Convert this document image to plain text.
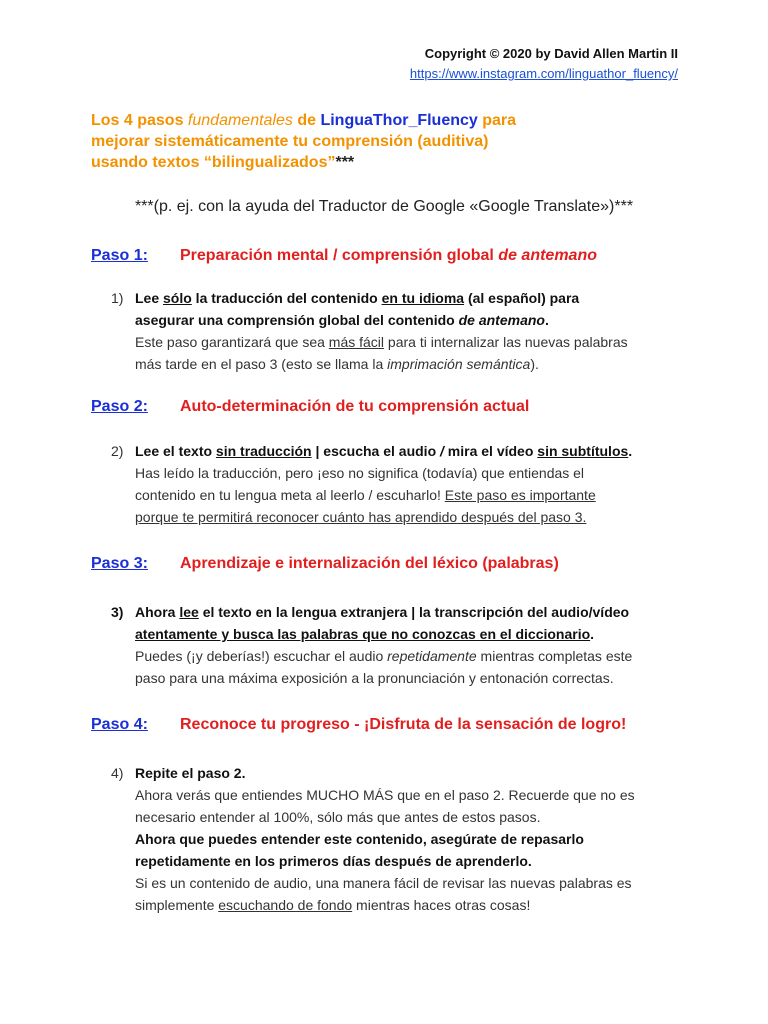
Copyright © 2020 by David Allen Martin II
https://www.instagram.com/linguathor_fluency/
Los 4 pasos fundamentales de LinguaThor_Fluency para
mejorar sistemáticamente tu comprensión (auditiva)
usando textos “bilingualizados”***
***(p. ej. con la ayuda del Traductor de Google «Google Translate»)***
Paso 1: Preparación mental / comprensión global de antemano
1) Lee sólo la traducción del contenido en tu idioma (al español) para
asegurar una comprensión global del contenido de antemano.
Este paso garantizará que sea más fácil para ti internalizar las nuevas palabras
más tarde en el paso 3 (esto se llama la imprimación semántica).
Paso 2: Auto-determinación de tu comprensión actual
2) Lee el texto sin traducción | escucha el audio / mira el vídeo sin subtítulos.
Has leído la traducción, pero ¡eso no significa (todavía) que entiendas el
contenido en tu lengua meta al leerlo / escuharlo! Este paso es importante
porque te permitirá reconocer cuánto has aprendido después del paso 3.
Paso 3: Aprendizaje e internalización del léxico (palabras)
3) Ahora lee el texto en la lengua extranjera | la transcripción del audio/vídeo
atentamente y busca las palabras que no conozcas en el diccionario.
Puedes (¡y deberías!) escuchar el audio repetidamente mientras completas este
paso para una máxima exposición a la pronunciación y entonación correctas.
Paso 4: Reconoce tu progreso - ¡Disfruta de la sensación de logro!
4) Repite el paso 2.
Ahora verás que entiendes MUCHO MÁS que en el paso 2. Recuerde que no es
necesario entender al 100%, sólo más que antes de estos pasos.
Ahora que puedes entender este contenido, asegúrate de repasarlo
repetidamente en los primeros días después de aprenderlo.
Si es un contenido de audio, una manera fácil de revisar las nuevas palabras es
simplemente escuchando de fondo mientras haces otras cosas!
